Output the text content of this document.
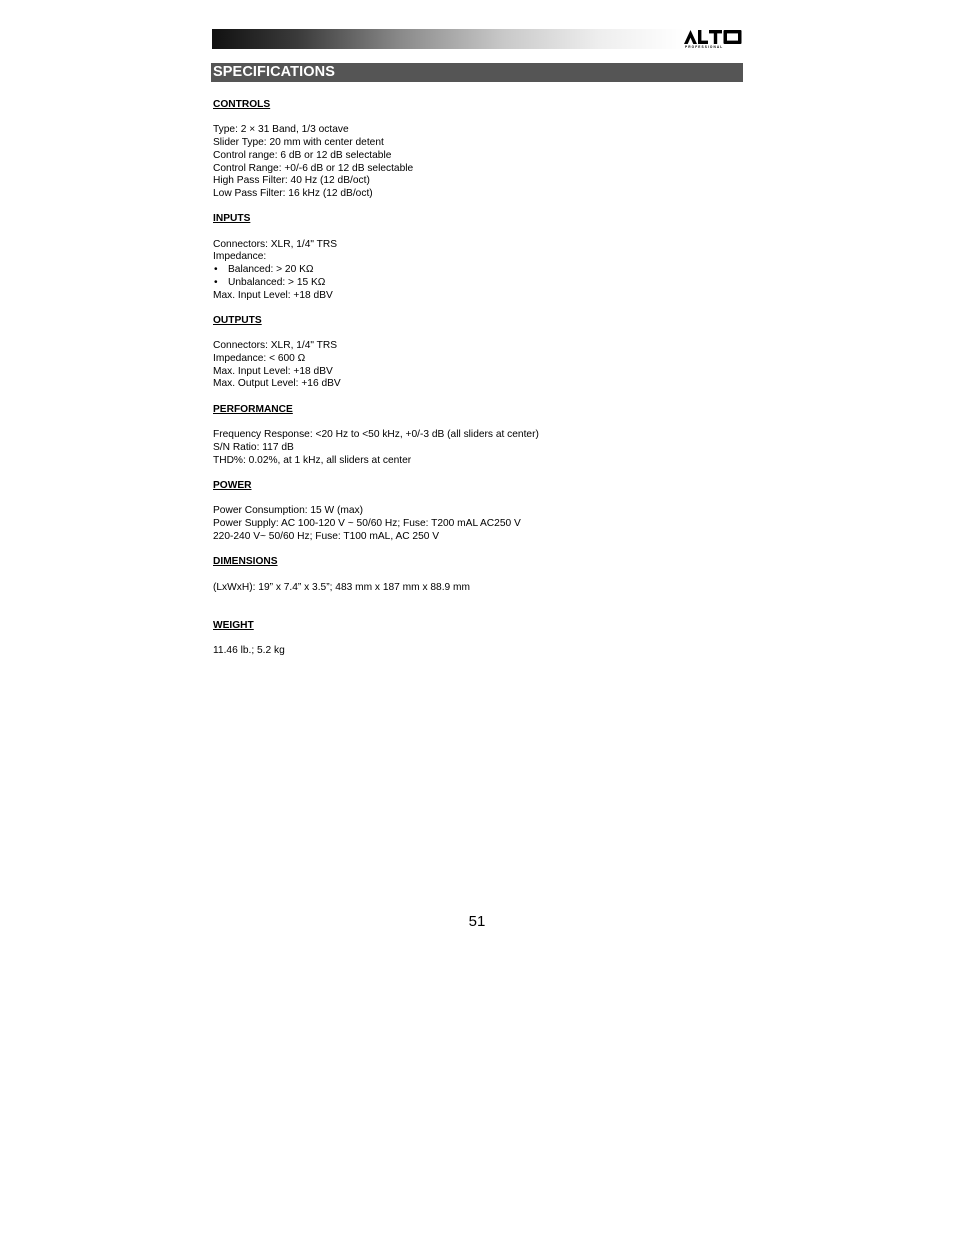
PROFESSIONAL
SPECIFICATIONS
CONTROLS
Type: 2 × 31 Band, 1/3 octave
Slider Type: 20 mm with center detent
Control range: 6 dB or 12 dB selectable
Control Range: +0/-6 dB or 12 dB selectable
High Pass Filter: 40 Hz (12 dB/oct)
Low Pass Filter: 16 kHz (12 dB/oct)
INPUTS
Connectors: XLR, 1/4" TRS
Impedance:
•	Balanced: > 20 KΩ
•	Unbalanced: > 15 KΩ
Max. Input Level: +18 dBV
OUTPUTS
Connectors: XLR, 1/4" TRS
Impedance: < 600 Ω
Max. Input Level: +18 dBV
Max. Output Level: +16 dBV
PERFORMANCE
Frequency Response: <20 Hz to <50 kHz, +0/-3 dB (all sliders at center)
S/N Ratio: 117 dB
THD%: 0.02%, at 1 kHz, all sliders at center
POWER
Power Consumption: 15 W (max)
Power Supply: AC 100-120 V ~ 50/60 Hz; Fuse: T200 mAL AC250 V
220-240 V~ 50/60 Hz; Fuse: T100 mAL, AC 250 V
DIMENSIONS
(LxWxH): 19” x 7.4” x 3.5”; 483 mm x 187 mm x 88.9 mm
WEIGHT
11.46 lb.; 5.2 kg
51
